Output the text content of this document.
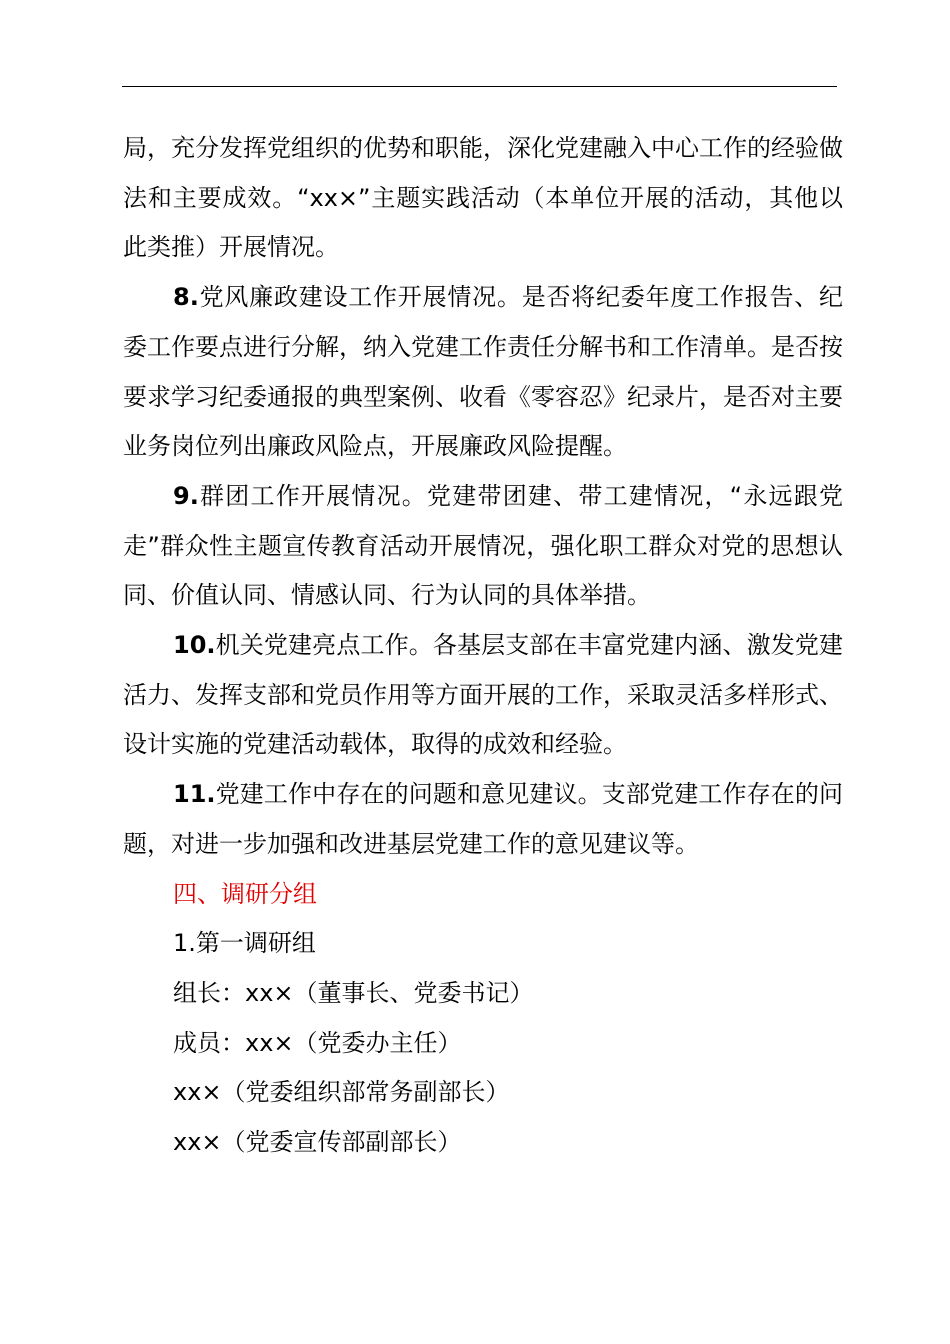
局，充分发挥党组织的优势和职能，深化党建融入中心工作的经验做法和主要成效。“xx×”主题实践活动（本单位开展的活动，其他以此类推）开展情况。

8.党风廉政建设工作开展情况。是否将纪委年度工作报告、纪委工作要点进行分解，纳入党建工作责任分解书和工作清单。是否按要求学习纪委通报的典型案例、收看《零容忍》纪录片，是否对主要业务岗位列出廉政风险点，开展廉政风险提醒。

9.群团工作开展情况。党建带团建、带工建情况，“永远跟党走”群众性主题宣传教育活动开展情况，强化职工群众对党的思想认同、价值认同、情感认同、行为认同的具体举措。

10.机关党建亮点工作。各基层支部在丰富党建内涵、激发党建活力、发挥支部和党员作用等方面开展的工作，采取灵活多样形式、设计实施的党建活动载体，取得的成效和经验。

11.党建工作中存在的问题和意见建议。支部党建工作存在的问题，对进一步加强和改进基层党建工作的意见建议等。

四、调研分组

1.第一调研组

组长：xx×（董事长、党委书记）

成员：xx×（党委办主任）

xx×（党委组织部常务副部长）

xx×（党委宣传部副部长）
